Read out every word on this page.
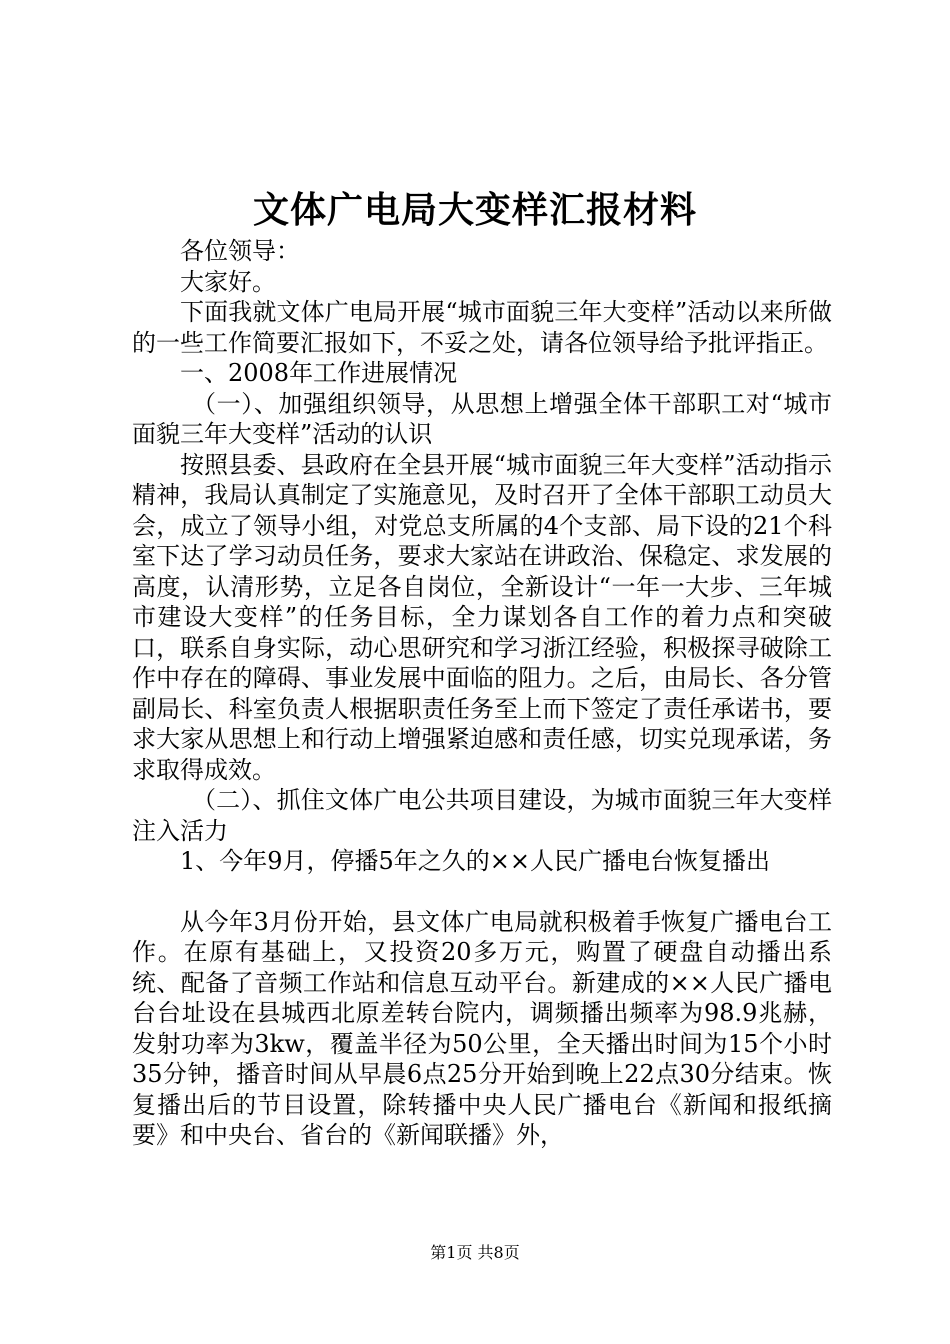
文体广电局大变样汇报材料

各位领导：

大家好。

下面我就文体广电局开展“城市面貌三年大变样”活动以来所做的一些工作简要汇报如下，不妥之处，请各位领导给予批评指正。

一、2008年工作进展情况

（一）、加强组织领导，从思想上增强全体干部职工对“城市面貌三年大变样”活动的认识

按照县委、县政府在全县开展“城市面貌三年大变样”活动指示精神，我局认真制定了实施意见，及时召开了全体干部职工动员大会，成立了领导小组，对党总支所属的4个支部、局下设的21个科室下达了学习动员任务，要求大家站在讲政治、保稳定、求发展的高度，认清形势，立足各自岗位，全新设计“一年一大步、三年城市建设大变样”的任务目标，全力谋划各自工作的着力点和突破口，联系自身实际，动心思研究和学习浙江经验，积极探寻破除工作中存在的障碍、事业发展中面临的阻力。之后，由局长、各分管副局长、科室负责人根据职责任务至上而下签定了责任承诺书，要求大家从思想上和行动上增强紧迫感和责任感，切实兑现承诺，务求取得成效。

（二）、抓住文体广电公共项目建设，为城市面貌三年大变样注入活力

1、今年9月，停播5年之久的××人民广播电台恢复播出

从今年3月份开始，县文体广电局就积极着手恢复广播电台工作。在原有基础上，又投资20多万元，购置了硬盘自动播出系统、配备了音频工作站和信息互动平台。新建成的××人民广播电台台址设在县城西北原差转台院内，调频播出频率为98.9兆赫，发射功率为3kw，覆盖半径为50公里，全天播出时间为15个小时35分钟，播音时间从早晨6点25分开始到晚上22点30分结束。恢复播出后的节目设置，除转播中央人民广播电台《新闻和报纸摘要》和中央台、省台的《新闻联播》外，

第1页 共8页
